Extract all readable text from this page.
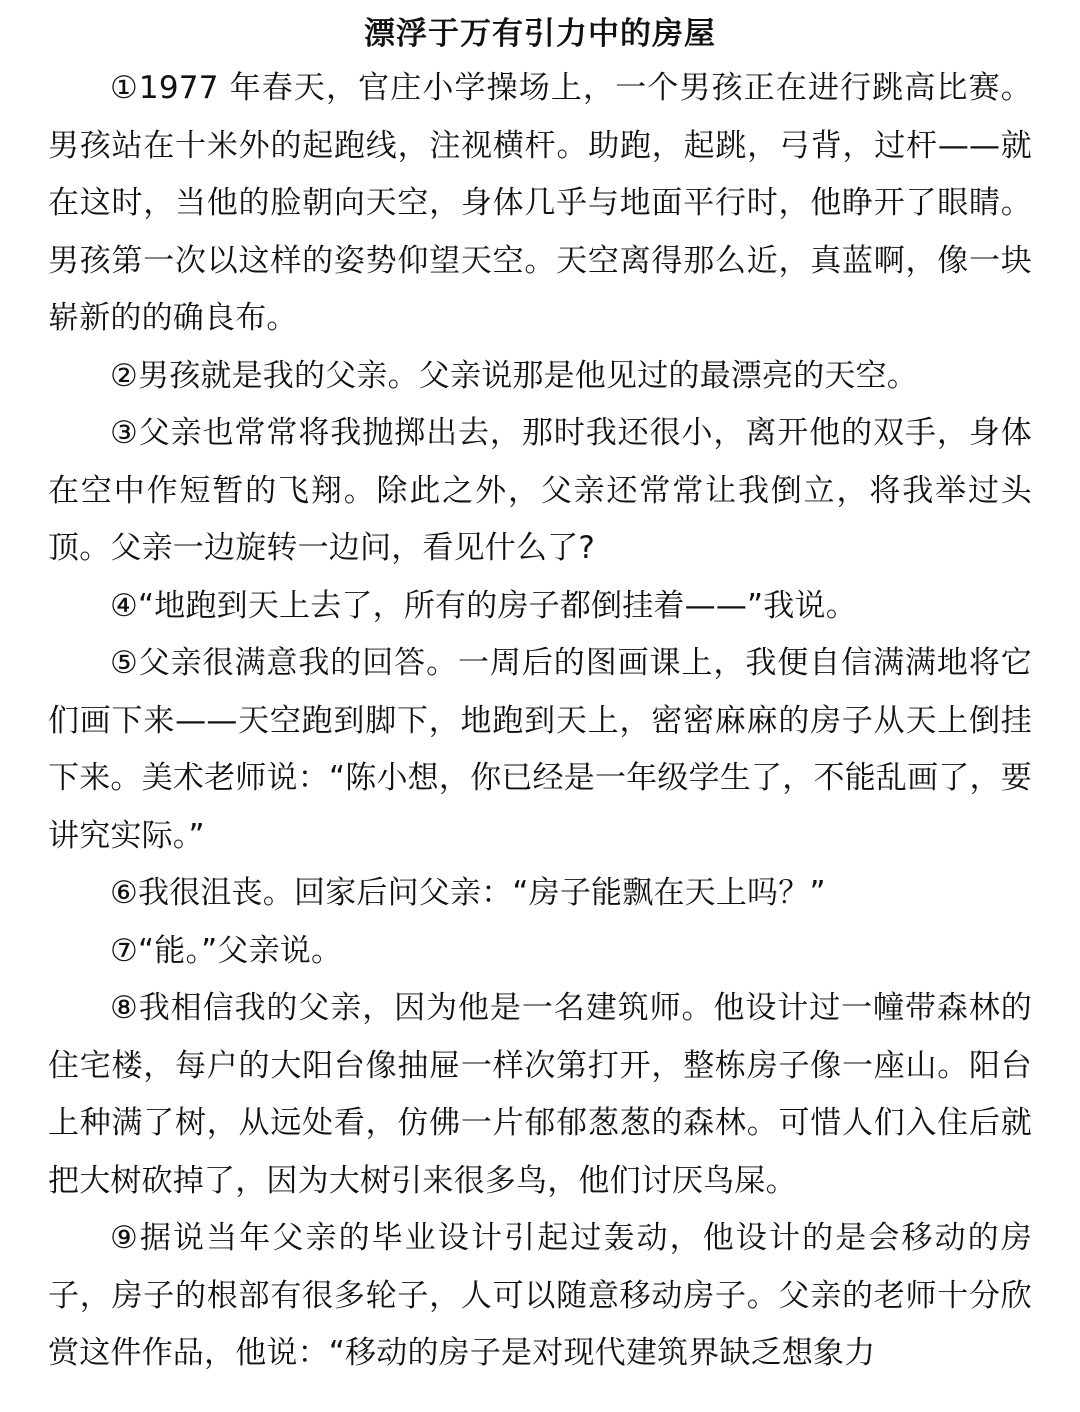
漂浮于万有引力中的房屋

①1977 年春天，官庄小学操场上，一个男孩正在进行跳高比赛。男孩站在十米外的起跑线，注视横杆。助跑，起跳，弓背，过杆——就在这时，当他的脸朝向天空，身体几乎与地面平行时，他睁开了眼睛。男孩第一次以这样的姿势仰望天空。天空离得那么近，真蓝啊，像一块崭新的的确良布。

②男孩就是我的父亲。父亲说那是他见过的最漂亮的天空。

③父亲也常常将我抛掷出去，那时我还很小，离开他的双手，身体在空中作短暂的飞翔。除此之外，父亲还常常让我倒立，将我举过头顶。父亲一边旋转一边问，看见什么了?

④“地跑到天上去了，所有的房子都倒挂着——”我说。

⑤父亲很满意我的回答。一周后的图画课上，我便自信满满地将它们画下来——天空跑到脚下，地跑到天上，密密麻麻的房子从天上倒挂下来。美术老师说：“陈小想，你已经是一年级学生了，不能乱画了，要讲究实际。”

⑥我很沮丧。回家后问父亲：“房子能飘在天上吗？”

⑦“能。”父亲说。

⑧我相信我的父亲，因为他是一名建筑师。他设计过一幢带森林的住宅楼，每户的大阳台像抽屉一样次第打开，整栋房子像一座山。阳台上种满了树，从远处看，仿佛一片郁郁葱葱的森林。可惜人们入住后就把大树砍掉了，因为大树引来很多鸟，他们讨厌鸟屎。

⑨据说当年父亲的毕业设计引起过轰动，他设计的是会移动的房子，房子的根部有很多轮子，人可以随意移动房子。父亲的老师十分欣赏这件作品，他说：“移动的房子是对现代建筑界缺乏想象力
